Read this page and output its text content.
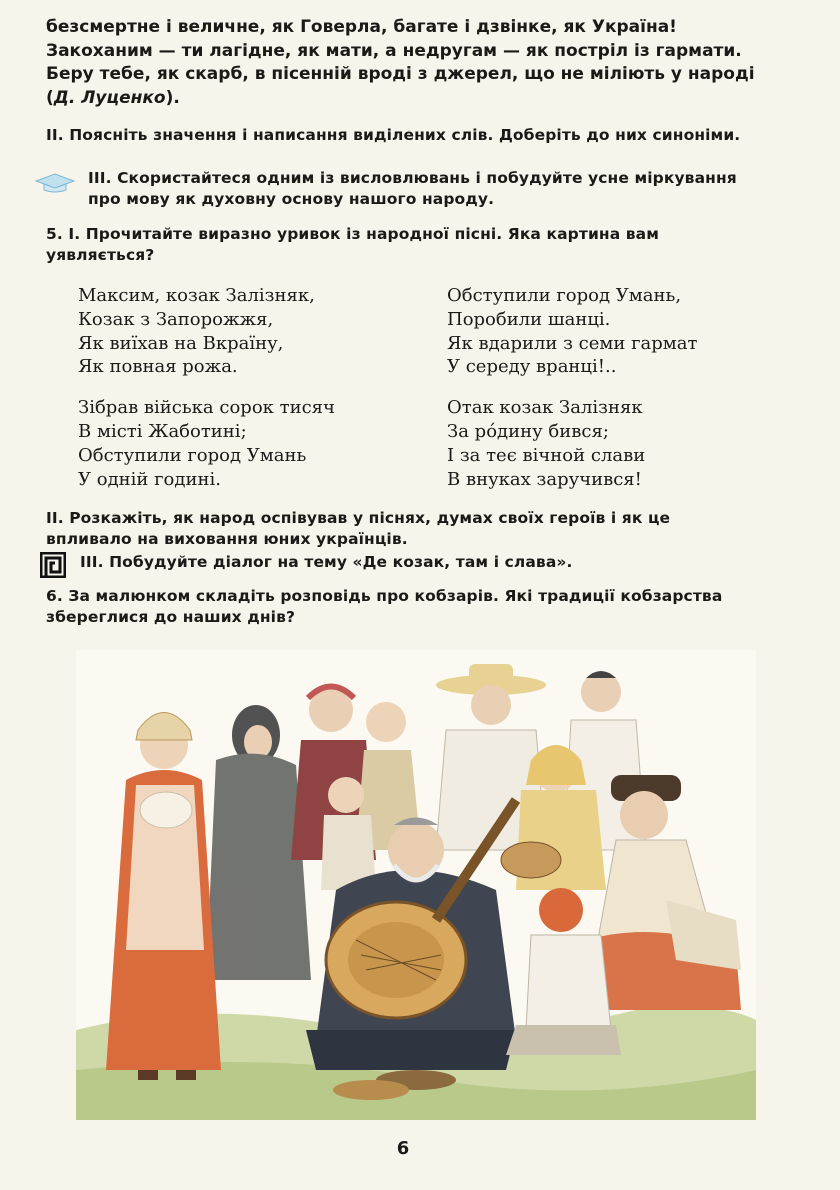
безсмертне і величне, як Говерла, багате і дзвінке, як Україна! Закоханим — ти лагідне, як мати, а недругам — як постріл із гармати. Беру тебе, як скарб, в пісенній вроді з джерел, що не міліють у народі (Д. Луценко).

II. Поясніть значення і написання виділених слів. Доберіть до них синоніми.

III. Скористайтеся одним із висловлювань і побудуйте усне міркування про мову як духовну основу нашого народу.

5. I. Прочитайте виразно уривок із народної пісні. Яка картина вам уявляється?

Максим, козак Залізняк,
Козак з Запорожжя,
Як виїхав на Вкраїну,
Як повная рожа.
Зібрав війська сорок тисяч
В місті Жаботині;
Обступили город Умань
У одній годині.
Обступили город Умань,
Поробили шанці.
Як вдарили з семи гармат
У середу вранці!..
Отак козак Залізняк
За ро́дину бився;
І за теє вічной слави
В внуках заручився!

II. Розкажіть, як народ оспівував у піснях, думах своїх героїв і як це впливало на виховання юних українців.

III. Побудуйте діалог на тему «Де козак, там і слава».

6. За малюнком складіть розповідь про кобзарів. Які традиції кобзарства збереглися до наших днів?

6
